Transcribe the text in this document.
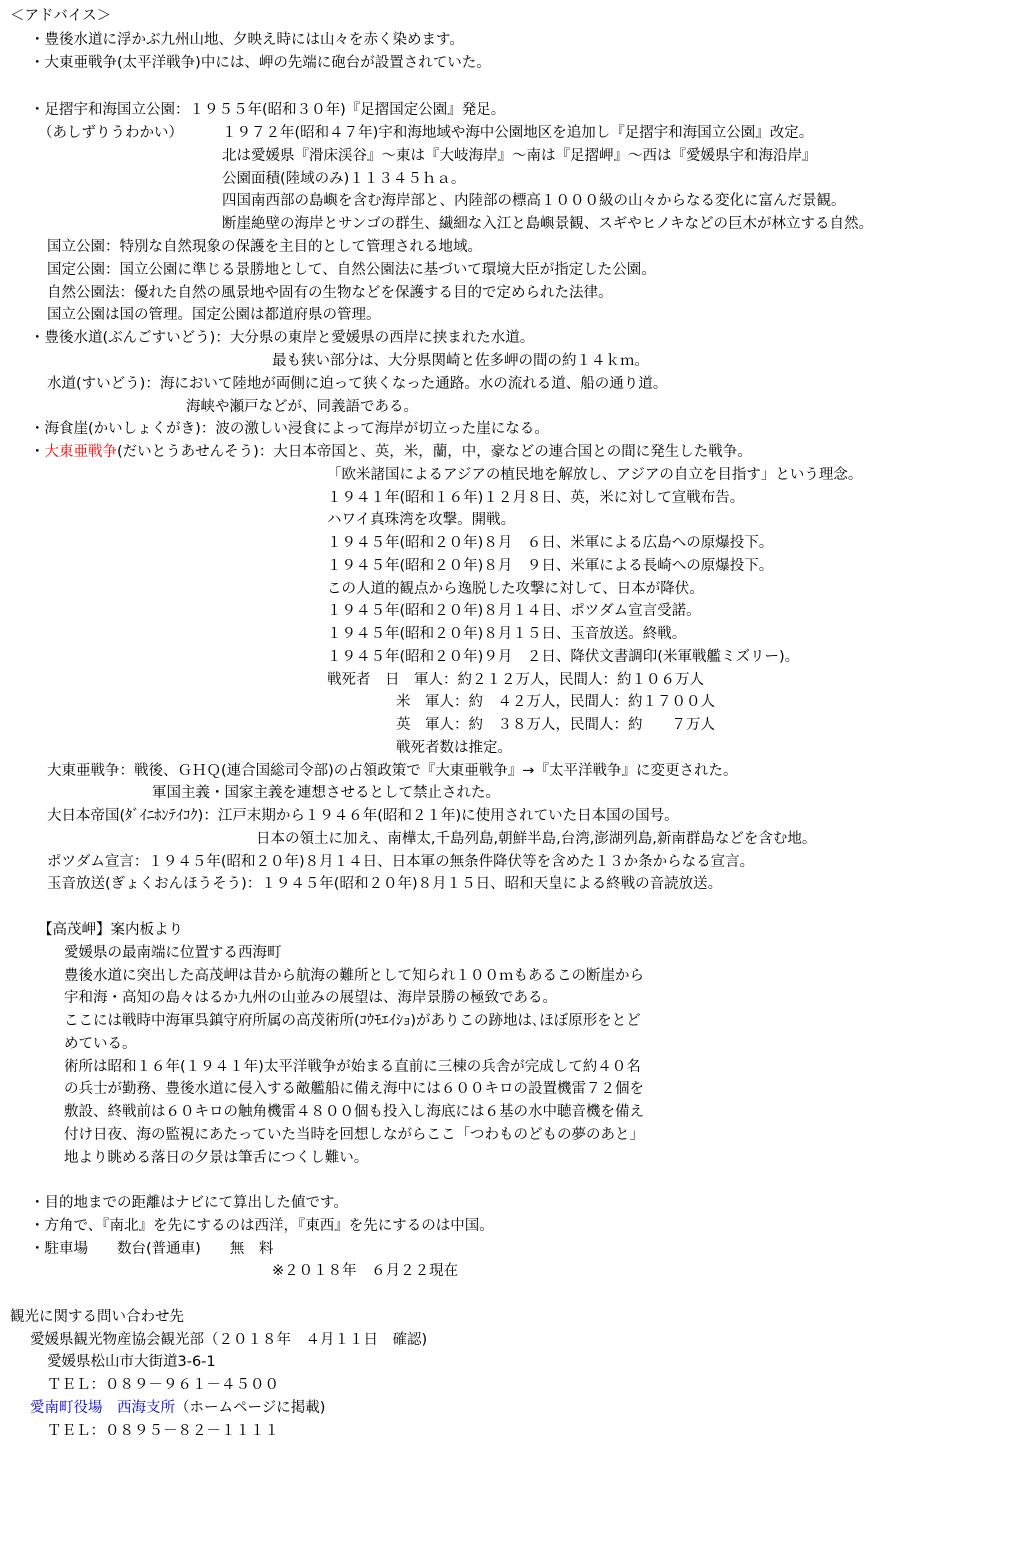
＜アドバイス＞
・豊後水道に浮かぶ九州山地、夕映え時には山々を赤く染めます。
・大東亜戦争(太平洋戦争)中には、岬の先端に砲台が設置されていた。
・足摺宇和海国立公園：１９５５年(昭和３０年)『足摺国定公園』発足。
（あしずりうわかい）	１９７２年(昭和４７年)宇和海地域や海中公園地区を追加し『足摺宇和海国立公園』改定。
北は愛媛県『滑床渓谷』～東は『大岐海岸』～南は『足摺岬』～西は『愛媛県宇和海沿岸』
公園面積(陸域のみ)１１３４５ｈａ。
四国南西部の島嶼を含む海岸部と、内陸部の標高１０００級の山々からなる変化に富んだ景観。
断崖絶壁の海岸とサンゴの群生、繊細な入江と島嶼景観、スギやヒノキなどの巨木が林立する自然。
国立公園：特別な自然現象の保護を主目的として管理される地域。
国定公園：国立公園に準じる景勝地として、自然公園法に基づいて環境大臣が指定した公園。
自然公園法：優れた自然の風景地や固有の生物などを保護する目的で定められた法律。
国立公園は国の管理。国定公園は都道府県の管理。
・豊後水道(ぶんごすいどう)：大分県の東岸と愛媛県の西岸に挟まれた水道。
最も狭い部分は、大分県関崎と佐多岬の間の約１４ｋｍ。
水道(すいどう)：海において陸地が両側に迫って狭くなった通路。水の流れる道、船の通り道。
海峡や瀬戸などが、同義語である。
・海食崖(かいしょくがき)：波の激しい浸食によって海岸が切立った崖になる。
・大東亜戦争(だいとうあせんそう)：大日本帝国と、英，米，蘭，中，豪などの連合国との間に発生した戦争。
「欧米諸国によるアジアの植民地を解放し、アジアの自立を目指す」という理念。
１９４１年(昭和１６年)１２月８日、英，米に対して宣戦布告。
ハワイ真珠湾を攻撃。開戦。
１９４５年(昭和２０年)８月　６日、米軍による広島への原爆投下。
１９４５年(昭和２０年)８月　９日、米軍による長崎への原爆投下。
この人道的観点から逸脱した攻撃に対して、日本が降伏。
１９４５年(昭和２０年)８月１４日、ポツダム宣言受諾。
１９４５年(昭和２０年)８月１５日、玉音放送。終戦。
１９４５年(昭和２０年)９月　２日、降伏文書調印(米軍戦艦ミズリー)。
戦死者　日　軍人：約２１２万人，民間人：約１０６万人
米　軍人：約　４２万人，民間人：約１７００人
英　軍人：約　３８万人，民間人：約　　７万人
戦死者数は推定。
大東亜戦争：戦後、ＧＨＱ(連合国総司令部)の占領政策で『大東亜戦争』→『太平洋戦争』に変更された。
軍国主義・国家主義を連想させるとして禁止された。
大日本帝国(ﾀﾞｲﾆﾎﾝﾃｲｺｸ)：江戸末期から１９４６年(昭和２１年)に使用されていた日本国の国号。
日本の領土に加え、南樺太,千島列島,朝鮮半島,台湾,澎湖列島,新南群島などを含む地。
ポツダム宣言：１９４５年(昭和２０年)８月１４日、日本軍の無条件降伏等を含めた１３か条からなる宣言。
玉音放送(ぎょくおんほうそう)：１９４５年(昭和２０年)８月１５日、昭和天皇による終戦の音読放送。
【高茂岬】案内板より
愛媛県の最南端に位置する西海町
豊後水道に突出した高茂岬は昔から航海の難所として知られ１００ｍもあるこの断崖から
宇和海・高知の島々はるか九州の山並みの展望は、海岸景勝の極致である。
ここには戦時中海軍呉鎮守府所属の高茂術所(ｺｳﾓｴｲｼｮ)がありこの跡地は､ほぼ原形をとど
めている。
術所は昭和１６年(１９４１年)太平洋戦争が始まる直前に三棟の兵舎が完成して約４０名
の兵士が勤務、豊後水道に侵入する敵艦船に備え海中には６００キロの設置機雷７２個を
敷設、終戦前は６０キロの触角機雷４８００個も投入し海底には６基の水中聴音機を備え
付け日夜、海の監視にあたっていた当時を回想しながらここ「つわものどもの夢のあと」
地より眺める落日の夕景は筆舌につくし難い。
・目的地までの距離はナビにて算出した値です。
・方角で、『南北』を先にするのは西洋，『東西』を先にするのは中国。
・駐車場　　数台(普通車)　　無　料
※２０１８年　６月２２現在
観光に関する問い合わせ先
愛媛県観光物産協会観光部（２０１８年　４月１１日　確認)
愛媛県松山市大街道3-6-1
ＴＥＬ：０８９－９６１－４５００
愛南町役場　西海支所（ホームページに掲載)
ＴＥＬ：０８９５－８２－１１１１
